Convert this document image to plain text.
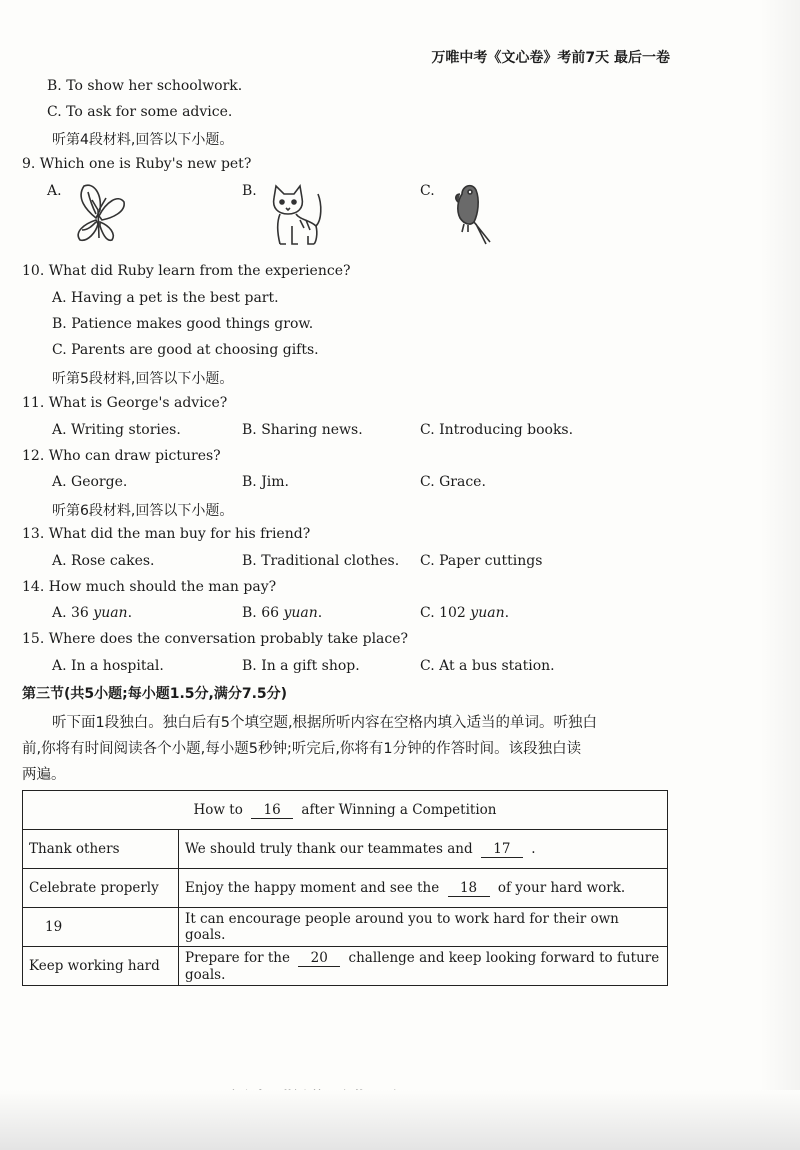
万唯中考《文心卷》考前7天 最后一卷
B. To show her schoolwork.
C. To ask for some advice.
听第4段材料,回答以下小题。
9. Which one is Ruby's new pet?
A.	B.	C.
10. What did Ruby learn from the experience?
A. Having a pet is the best part.
B. Patience makes good things grow.
C. Parents are good at choosing gifts.
听第5段材料,回答以下小题。
11. What is George's advice?
A. Writing stories.	B. Sharing news.	C. Introducing books.
12. Who can draw pictures?
A. George.	B. Jim.	C. Grace.
听第6段材料,回答以下小题。
13. What did the man buy for his friend?
A. Rose cakes.	B. Traditional clothes. C. Paper cuttings
14. How much should the man pay?
A. 36 yuan.	B. 66 yuan.	C. 102 yuan.
15. Where does the conversation probably take place?
A. In a hospital.	B. In a gift shop.	C. At a bus station.
第三节(共5小题;每小题1.5分,满分7.5分)
听下面1段独白。独白后有5个填空题,根据所听内容在空格内填入适当的单词。听独白
前,你将有时间阅读各个小题,每小题5秒钟;听完后,你将有1分钟的作答时间。该段独白读
两遍。
How to 16 after Winning a Competition	
Thank others	We should truly thank our teammates and 17 .
Celebrate properly	Enjoy the happy moment and see the 18 of your hard work.
19	It can encourage people around you to work hard for their own goals.
Keep working hard	Prepare for the 20 challenge and keep looking forward to future goals.
